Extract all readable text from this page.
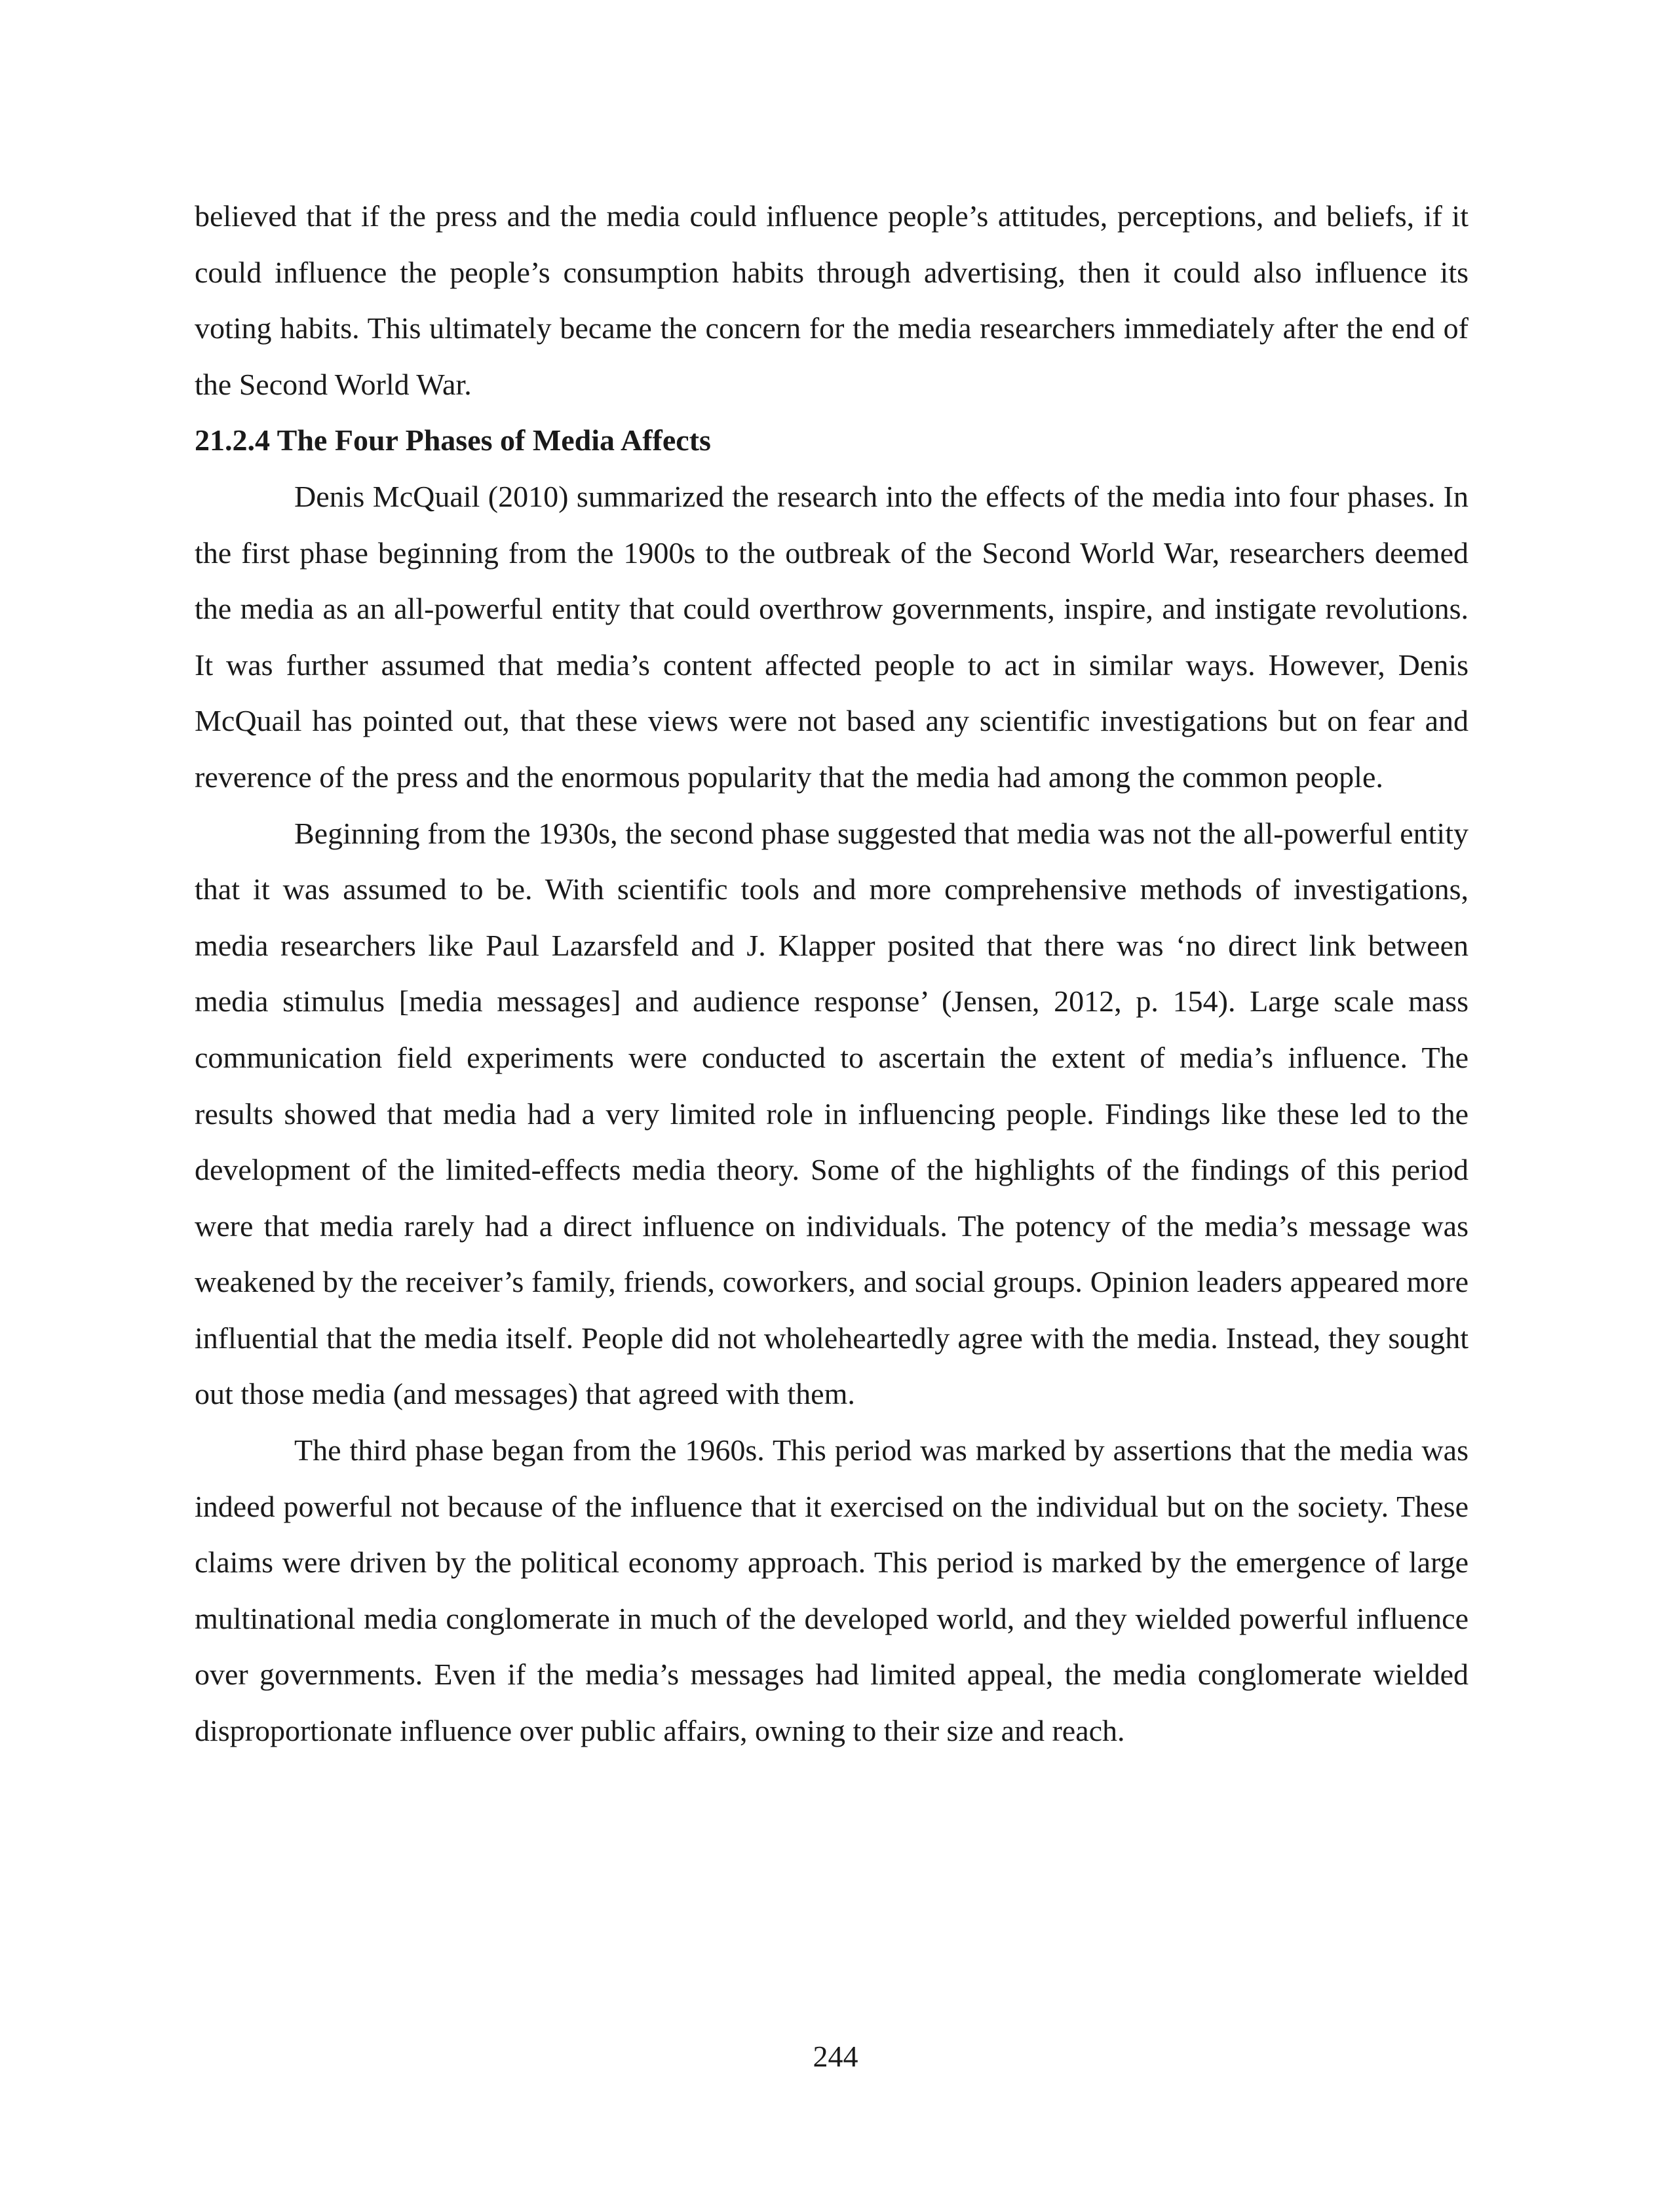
believed that if the press and the media could influence people’s attitudes, perceptions, and beliefs, if it could influence the people’s consumption habits through advertising, then it could also influence its voting habits. This ultimately became the concern for the media researchers immediately after the end of the Second World War.

21.2.4 The Four Phases of Media Affects

Denis McQuail (2010) summarized the research into the effects of the media into four phases. In the first phase beginning from the 1900s to the outbreak of the Second World War, researchers deemed the media as an all-powerful entity that could overthrow governments, inspire, and instigate revolutions. It was further assumed that media’s content affected people to act in similar ways. However, Denis McQuail has pointed out, that these views were not based any scientific investigations but on fear and reverence of the press and the enormous popularity that the media had among the common people.

Beginning from the 1930s, the second phase suggested that media was not the all-powerful entity that it was assumed to be. With scientific tools and more comprehensive methods of investigations, media researchers like Paul Lazarsfeld and J. Klapper posited that there was ‘no direct link between media stimulus [media messages] and audience response’ (Jensen, 2012, p. 154). Large scale mass communication field experiments were conducted to ascertain the extent of media’s influence. The results showed that media had a very limited role in influencing people. Findings like these led to the development of the limited-effects media theory. Some of the highlights of the findings of this period were that media rarely had a direct influence on individuals. The potency of the media’s message was weakened by the receiver’s family, friends, coworkers, and social groups. Opinion leaders appeared more influential that the media itself. People did not wholeheartedly agree with the media. Instead, they sought out those media (and messages) that agreed with them.

The third phase began from the 1960s. This period was marked by assertions that the media was indeed powerful not because of the influence that it exercised on the individual but on the society. These claims were driven by the political economy approach. This period is marked by the emergence of large multinational media conglomerate in much of the developed world, and they wielded powerful influence over governments. Even if the media’s messages had limited appeal, the media conglomerate wielded disproportionate influence over public affairs, owning to their size and reach.

244
